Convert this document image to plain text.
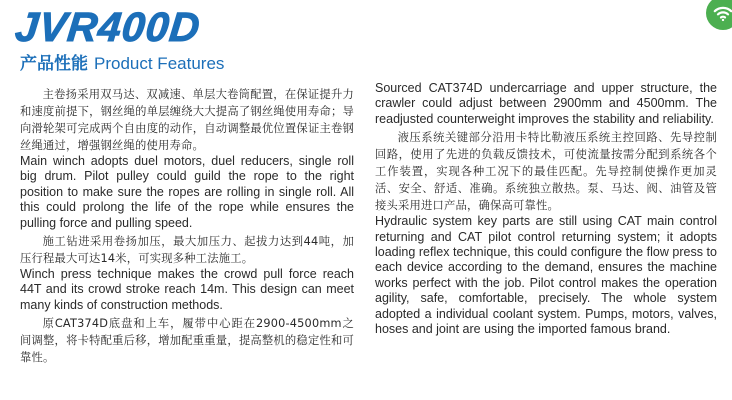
JVR400D
产品性能 Product Features

主卷扬采用双马达、双减速、单层大卷筒配置，在保证提升力和速度前提下，钢丝绳的单层缠绕大大提高了钢丝绳使用寿命；导向滑轮架可完成两个自由度的动作，自动调整最优位置保证主卷钢丝绳通过，增强钢丝绳的使用寿命。

Main winch adopts duel motors, duel reducers, single roll big drum. Pilot pulley could guild the rope to the right position to make sure the ropes are rolling in single roll. All this could prolong the life of the rope while ensures the pulling force and pulling speed.

施工钻进采用卷扬加压，最大加压力、起拔力达到44吨，加压行程最大可达14米，可实现多种工法施工。

Winch press technique makes the crowd pull force reach 44T and its crowd stroke reach 14m. This design can meet many kinds of construction methods.

原CAT374D底盘和上车，履带中心距在2900-4500mm之间调整，将卡特配重后移，增加配重重量，提高整机的稳定性和可靠性。

Sourced CAT374D undercarriage and upper structure, the crawler could adjust between 2900mm and 4500mm. The readjusted counterweight improves the stability and reliability.

液压系统关键部分沿用卡特比勒液压系统主控回路、先导控制回路，使用了先进的负载反馈技术，可使流量按需分配到系统各个工作装置，实现各种工况下的最佳匹配。先导控制使操作更加灵活、安全、舒适、准确。系统独立散热。泵、马达、阀、油管及管接头采用进口产品，确保高可靠性。

Hydraulic system key parts are still using CAT main control returning and CAT pilot control returning system; it adopts loading reflex technique, this could configure the flow press to each device according to the demand, ensures the machine works perfect with the job. Pilot control makes the operation agility, safe, comfortable, precisely. The whole system adopted a individual coolant system. Pumps, motors, valves, hoses and joint are using the imported famous brand.
